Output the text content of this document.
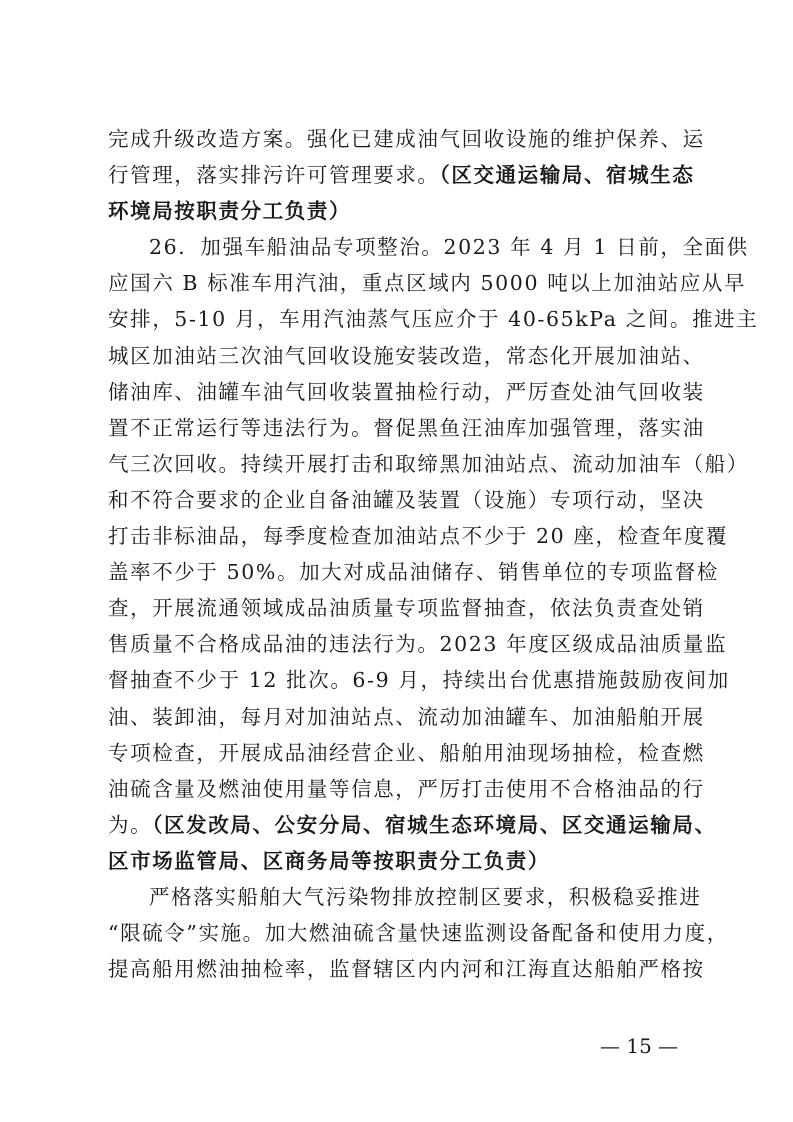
完成升级改造方案。强化已建成油气回收设施的维护保养、运
行管理，落实排污许可管理要求。（区交通运输局、宿城生态
环境局按职责分工负责）
26．加强车船油品专项整治。2023 年 4 月 1 日前，全面供
应国六 B 标准车用汽油，重点区域内 5000 吨以上加油站应从早
安排，5-10 月，车用汽油蒸气压应介于 40-65kPa 之间。推进主
城区加油站三次油气回收设施安装改造，常态化开展加油站、
储油库、油罐车油气回收装置抽检行动，严厉查处油气回收装
置不正常运行等违法行为。督促黑鱼汪油库加强管理，落实油
气三次回收。持续开展打击和取缔黑加油站点、流动加油车（船）
和不符合要求的企业自备油罐及装置（设施）专项行动，坚决
打击非标油品，每季度检查加油站点不少于 20 座，检查年度覆
盖率不少于 50%。加大对成品油储存、销售单位的专项监督检
查，开展流通领域成品油质量专项监督抽查，依法负责查处销
售质量不合格成品油的违法行为。2023 年度区级成品油质量监
督抽查不少于 12 批次。6-9 月，持续出台优惠措施鼓励夜间加
油、装卸油，每月对加油站点、流动加油罐车、加油船舶开展
专项检查，开展成品油经营企业、船舶用油现场抽检，检查燃
油硫含量及燃油使用量等信息，严厉打击使用不合格油品的行
为。（区发改局、公安分局、宿城生态环境局、区交通运输局、
区市场监管局、区商务局等按职责分工负责）
严格落实船舶大气污染物排放控制区要求，积极稳妥推进
“限硫令”实施。加大燃油硫含量快速监测设备配备和使用力度，
提高船用燃油抽检率，监督辖区内内河和江海直达船舶严格按
— 15 —
